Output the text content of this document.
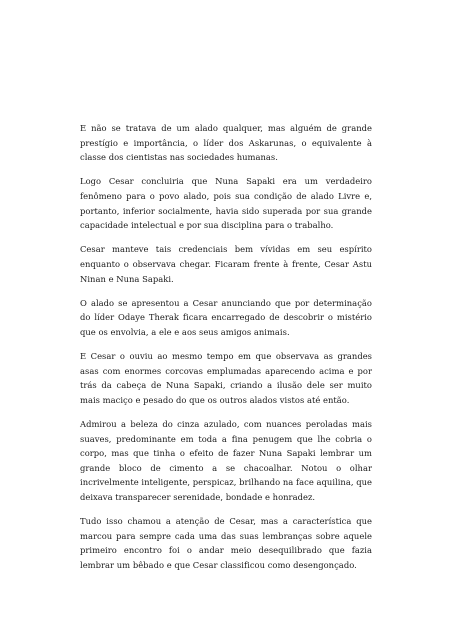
E não se tratava de um alado qualquer, mas alguém de grande prestígio e importância, o líder dos Askarunas, o equivalente à classe dos cientistas nas sociedades humanas.

Logo Cesar concluiria que Nuna Sapaki era um verdadeiro fenômeno para o povo alado, pois sua condição de alado Livre e, portanto, inferior socialmente, havia sido superada por sua grande capacidade intelectual e por sua disciplina para o trabalho.

Cesar manteve tais credenciais bem vívidas em seu espírito enquanto o observava chegar. Ficaram frente à frente, Cesar Astu Ninan e Nuna Sapaki.

O alado se apresentou a Cesar anunciando que por determinação do líder Odaye Therak ficara encarregado de descobrir o mistério que os envolvia, a ele e aos seus amigos animais.

E Cesar o ouviu ao mesmo tempo em que observava as grandes asas com enormes corcovas emplumadas aparecendo acima e por trás da cabeça de Nuna Sapaki, criando a ilusão dele ser muito mais maciço e pesado do que os outros alados vistos até então.

Admirou a beleza do cinza azulado, com nuances peroladas mais suaves, predominante em toda a fina penugem que lhe cobria o corpo, mas que tinha o efeito de fazer Nuna Sapaki lembrar um grande bloco de cimento a se chacoalhar. Notou o olhar incrivelmente inteligente, perspicaz, brilhando na face aquilina, que deixava transparecer serenidade, bondade e honradez.

Tudo isso chamou a atenção de Cesar, mas a característica que marcou para sempre cada uma das suas lembranças sobre aquele primeiro encontro foi o andar meio desequilibrado que fazia lembrar um bêbado e que Cesar classificou como desengonçado.
